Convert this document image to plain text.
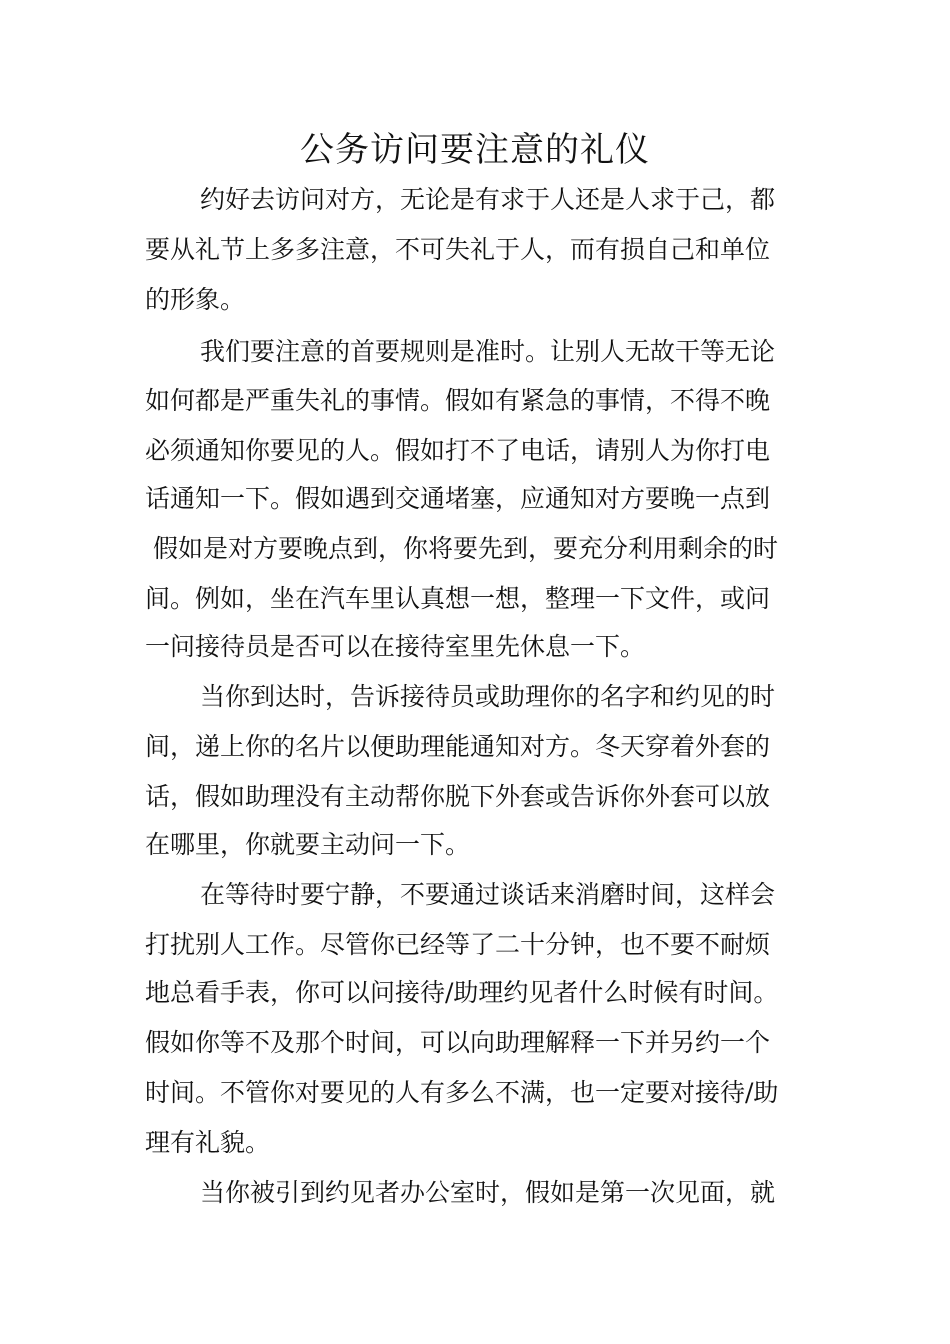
公务访问要注意的礼仪

约好去访问对方，无论是有求于人还是人求于己，都

要从礼节上多多注意，不可失礼于人，而有损自己和单位

的形象。

我们要注意的首要规则是准时。让别人无故干等无论

如何都是严重失礼的事情。假如有紧急的事情，不得不晚

必须通知你要见的人。假如打不了电话，请别人为你打电

话通知一下。假如遇到交通堵塞，应通知对方要晚一点到

假如是对方要晚点到，你将要先到，要充分利用剩余的时

间。例如，坐在汽车里认真想一想，整理一下文件，或问

一问接待员是否可以在接待室里先休息一下。

当你到达时，告诉接待员或助理你的名字和约见的时

间，递上你的名片以便助理能通知对方。冬天穿着外套的

话，假如助理没有主动帮你脱下外套或告诉你外套可以放

在哪里，你就要主动问一下。

在等待时要宁静，不要通过谈话来消磨时间，这样会

打扰别人工作。尽管你已经等了二十分钟，也不要不耐烦

地总看手表，你可以问接待/助理约见者什么时候有时间。

假如你等不及那个时间，可以向助理解释一下并另约一个

时间。不管你对要见的人有多么不满，也一定要对接待/助

理有礼貌。

当你被引到约见者办公室时，假如是第一次见面，就
